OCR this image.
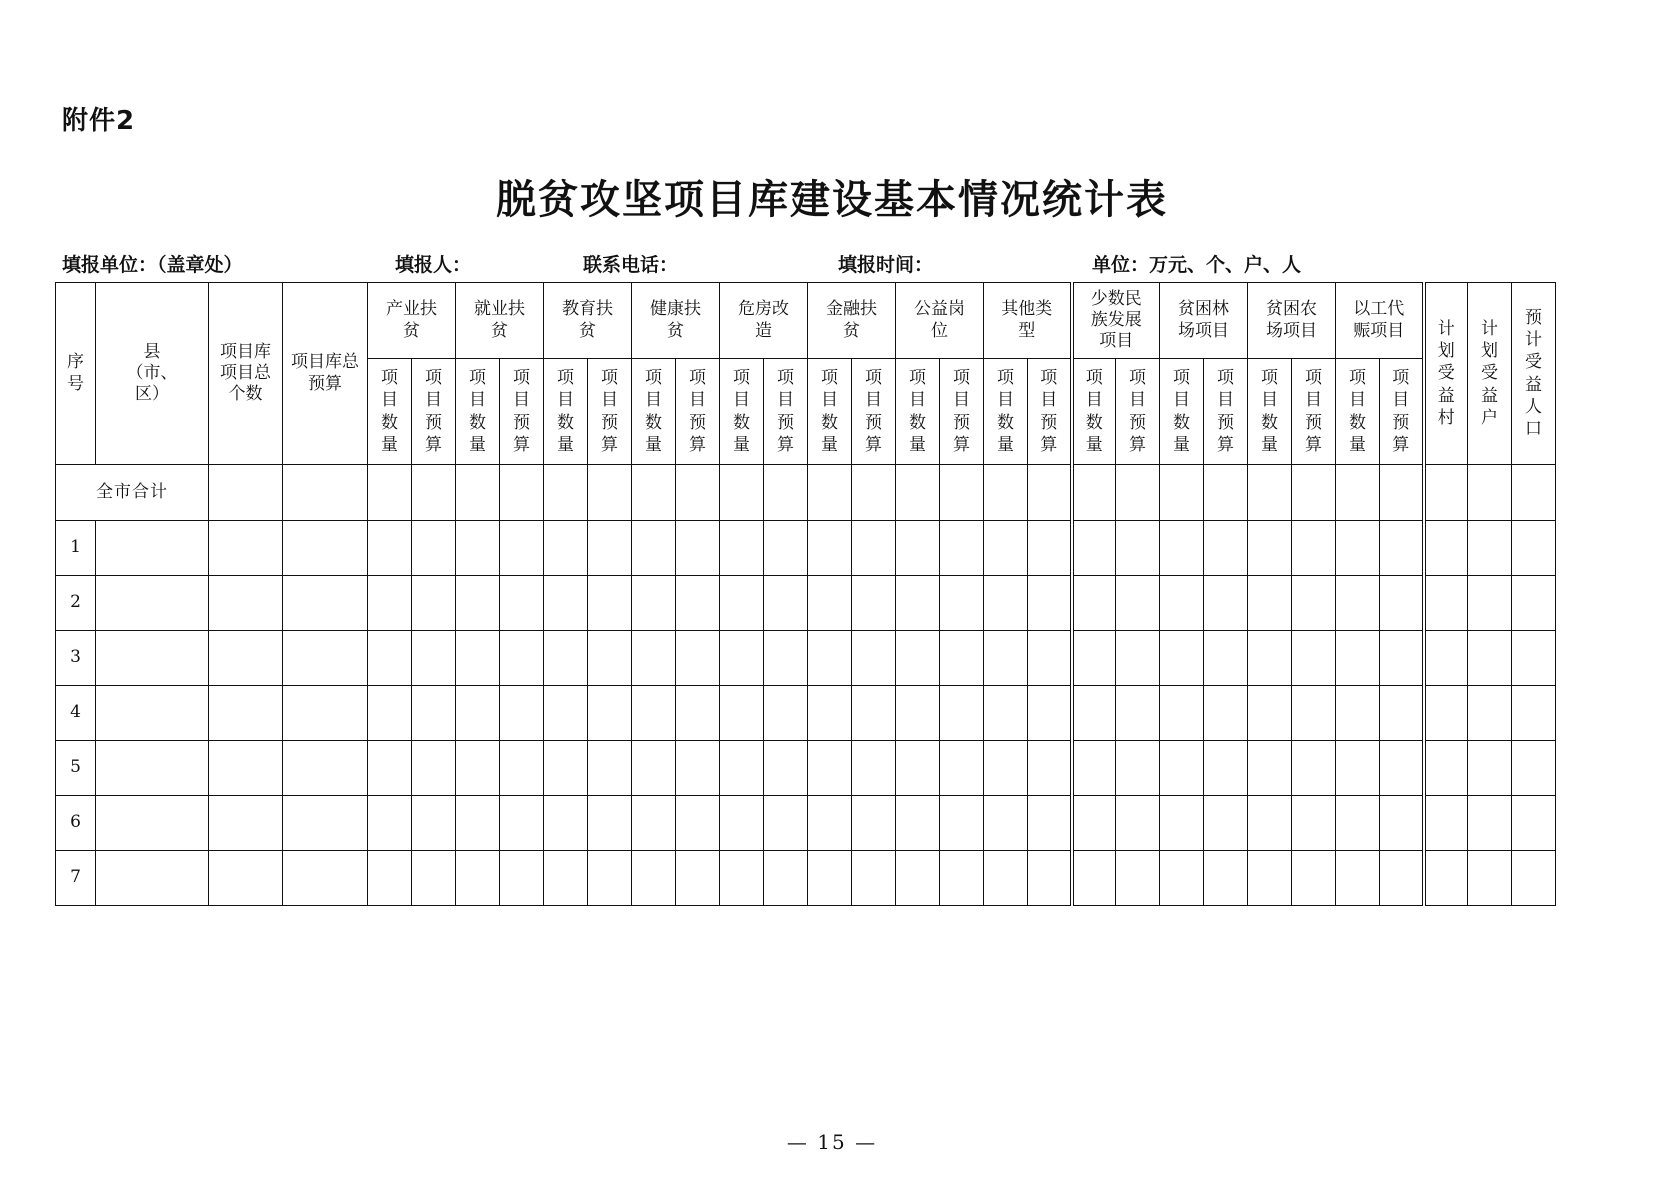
附件2
脱贫攻坚项目库建设基本情况统计表
填报单位：（盖章处）	填报人：	联系电话：	填报时间：	单位：万元、个、户、人
序号	县（市、区）	项目库项目总个数	项目库总预算	产业扶贫		就业扶贫		教育扶贫		健康扶贫		危房改造		金融扶贫		公益岗位		其他类型		少数民族发展项目		贫困林场项目		贫困农场项目		以工代赈项目		计划受益村	计划受益户	预计受益人口
				项目数量	项目预算	项目数量	项目预算	项目数量	项目预算	项目数量	项目预算	项目数量	项目预算	项目数量	项目预算	项目数量	项目预算	项目数量	项目预算	项目数量	项目预算	项目数量	项目预算	项目数量	项目预算	项目数量	项目预算			
全市合计																														
1																														
2																														
3																														
4																														
5																														
6																														
7																														
— 15 —
